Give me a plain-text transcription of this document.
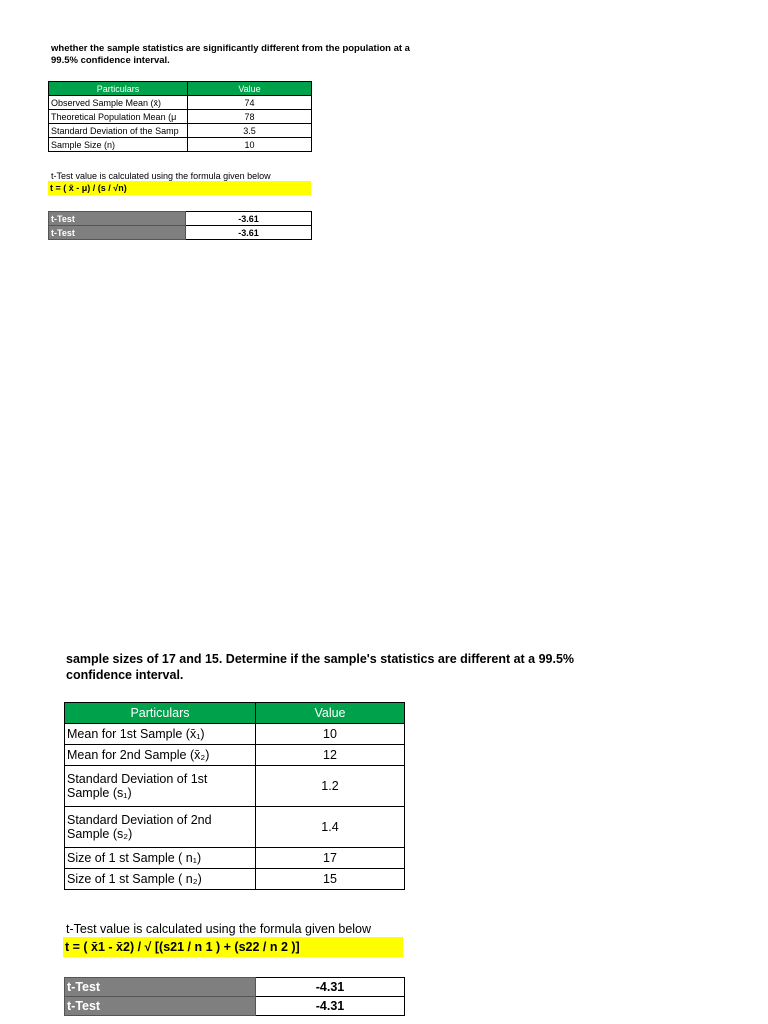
whether the sample statistics are significantly different from the population at a 99.5% confidence interval.

Particulars	Value
Observed Sample Mean (x̄)	74
Theoretical Population Mean (μ	78
Standard Deviation of the Samp	3.5
Sample Size (n)	10

t-Test value is calculated using the formula given below

t = ( x̄ - μ) / (s / √n)

t-Test	-3.61
t-Test	-3.61

sample sizes of 17 and 15. Determine if the sample's statistics are different at a 99.5% confidence interval.

Particulars	Value
Mean for 1st Sample (x̄₁)	10
Mean for 2nd Sample (x̄₂)	12
Standard Deviation of 1st Sample (s₁)	1.2
Standard Deviation of 2nd Sample (s₂)	1.4
Size of 1 st Sample ( n₁)	17
Size of 1 st Sample ( n₂)	15

t-Test value is calculated using the formula given below

t = ( x̄1 - x̄2) / √ [(s21 / n 1 ) + (s22 / n 2 )]

t-Test	-4.31
t-Test	-4.31
